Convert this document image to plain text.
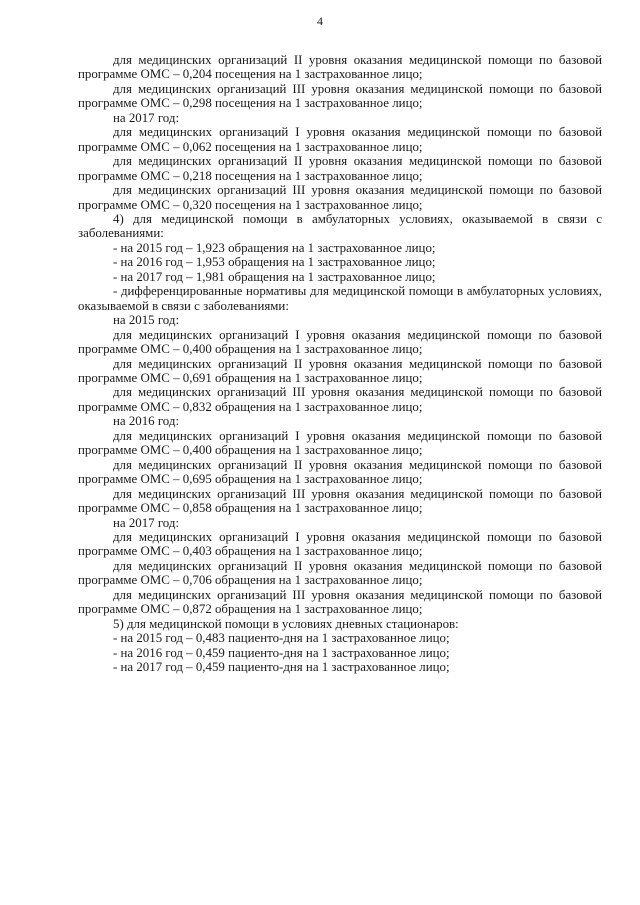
4

для медицинских организаций II уровня оказания медицинской помощи по базовой программе ОМС – 0,204 посещения на 1 застрахованное лицо;

для медицинских организаций III уровня оказания медицинской помощи по базовой программе ОМС – 0,298 посещения на 1 застрахованное лицо;

на 2017 год:

для медицинских организаций I уровня оказания медицинской помощи по базовой программе ОМС – 0,062 посещения на 1 застрахованное лицо;

для медицинских организаций II уровня оказания медицинской помощи по базовой программе ОМС – 0,218 посещения на 1 застрахованное лицо;

для медицинских организаций III уровня оказания медицинской помощи по базовой программе ОМС – 0,320 посещения на 1 застрахованное лицо;

4) для медицинской помощи в амбулаторных условиях, оказываемой в связи с заболеваниями:

- на 2015 год – 1,923 обращения на 1 застрахованное лицо;

- на 2016 год – 1,953 обращения на 1 застрахованное лицо;

- на 2017 год – 1,981 обращения на 1 застрахованное лицо;

- дифференцированные нормативы для медицинской помощи в амбулаторных условиях, оказываемой в связи с заболеваниями:

на 2015 год:

для медицинских организаций I уровня оказания медицинской помощи по базовой программе ОМС – 0,400 обращения на 1 застрахованное лицо;

для медицинских организаций II уровня оказания медицинской помощи по базовой программе ОМС – 0,691 обращения на 1 застрахованное лицо;

для медицинских организаций III уровня оказания медицинской помощи по базовой программе ОМС – 0,832 обращения на 1 застрахованное лицо;

на 2016 год:

для медицинских организаций I уровня оказания медицинской помощи по базовой программе ОМС – 0,400 обращения на 1 застрахованное лицо;

для медицинских организаций II уровня оказания медицинской помощи по базовой программе ОМС – 0,695 обращения на 1 застрахованное лицо;

для медицинских организаций III уровня оказания медицинской помощи по базовой программе ОМС – 0,858 обращения на 1 застрахованное лицо;

на 2017 год:

для медицинских организаций I уровня оказания медицинской помощи по базовой программе ОМС – 0,403 обращения на 1 застрахованное лицо;

для медицинских организаций II уровня оказания медицинской помощи по базовой программе ОМС – 0,706 обращения на 1 застрахованное лицо;

для медицинских организаций III уровня оказания медицинской помощи по базовой программе ОМС – 0,872 обращения на 1 застрахованное лицо;

5) для медицинской помощи в условиях дневных стационаров:

- на 2015 год – 0,483 пациенто-дня на 1 застрахованное лицо;

- на 2016 год – 0,459 пациенто-дня на 1 застрахованное лицо;

- на 2017 год – 0,459 пациенто-дня на 1 застрахованное лицо;
